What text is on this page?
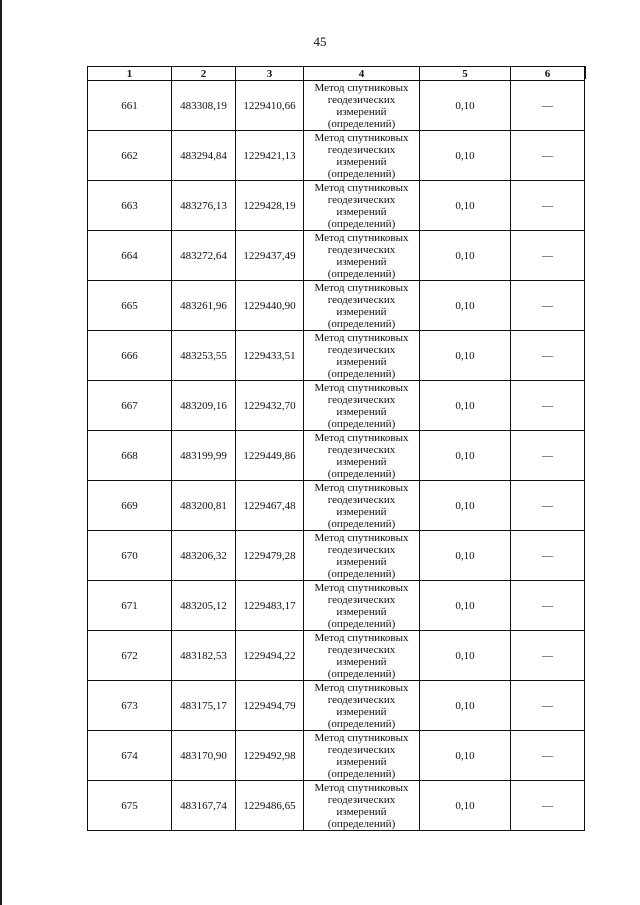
45
1	2	3	4	5	6
661	483308,19	1229410,66	Метод спутниковых
геодезических
измерений
(определений)	0,10	—
662	483294,84	1229421,13	Метод спутниковых
геодезических
измерений
(определений)	0,10	—
663	483276,13	1229428,19	Метод спутниковых
геодезических
измерений
(определений)	0,10	—
664	483272,64	1229437,49	Метод спутниковых
геодезических
измерений
(определений)	0,10	—
665	483261,96	1229440,90	Метод спутниковых
геодезических
измерений
(определений)	0,10	—
666	483253,55	1229433,51	Метод спутниковых
геодезических
измерений
(определений)	0,10	—
667	483209,16	1229432,70	Метод спутниковых
геодезических
измерений
(определений)	0,10	—
668	483199,99	1229449,86	Метод спутниковых
геодезических
измерений
(определений)	0,10	—
669	483200,81	1229467,48	Метод спутниковых
геодезических
измерений
(определений)	0,10	—
670	483206,32	1229479,28	Метод спутниковых
геодезических
измерений
(определений)	0,10	—
671	483205,12	1229483,17	Метод спутниковых
геодезических
измерений
(определений)	0,10	—
672	483182,53	1229494,22	Метод спутниковых
геодезических
измерений
(определений)	0,10	—
673	483175,17	1229494,79	Метод спутниковых
геодезических
измерений
(определений)	0,10	—
674	483170,90	1229492,98	Метод спутниковых
геодезических
измерений
(определений)	0,10	—
675	483167,74	1229486,65	Метод спутниковых
геодезических
измерений
(определений)	0,10	—
